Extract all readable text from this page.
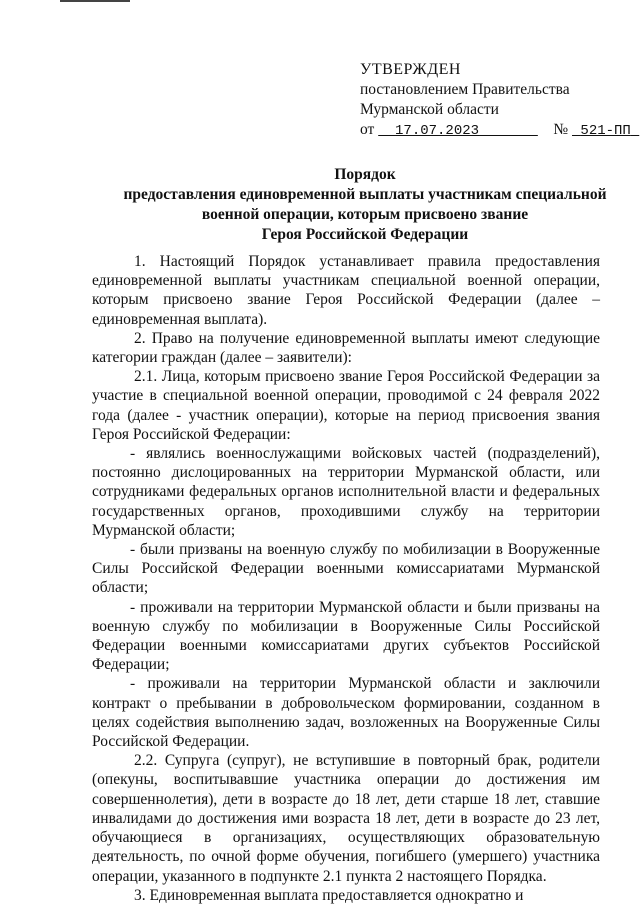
УТВЕРЖДЕН
постановлением Правительства
Мурманской области
от 17.07.2023	№ 521-ПП
Порядок
предоставления единовременной выплаты участникам специальной
военной операции, которым присвоено звание
Героя Российской Федерации

1. Настоящий Порядок устанавливает правила предоставления единовременной выплаты участникам специальной военной операции, которым присвоено звание Героя Российской Федерации (далее – единовременная выплата).

2. Право на получение единовременной выплаты имеют следующие категории граждан (далее – заявители):

2.1. Лица, которым присвоено звание Героя Российской Федерации за участие в специальной военной операции, проводимой с 24 февраля 2022 года (далее - участник операции), которые на период присвоения звания Героя Российской Федерации:

- являлись военнослужащими войсковых частей (подразделений), постоянно дислоцированных на территории Мурманской области, или сотрудниками федеральных органов исполнительной власти и федеральных государственных органов, проходившими службу на территории Мурманской области;

- были призваны на военную службу по мобилизации в Вооруженные Силы Российской Федерации военными комиссариатами Мурманской области;

- проживали на территории Мурманской области и были призваны на военную службу по мобилизации в Вооруженные Силы Российской Федерации военными комиссариатами других субъектов Российской Федерации;

- проживали на территории Мурманской области и заключили контракт о пребывании в добровольческом формировании, созданном в целях содействия выполнению задач, возложенных на Вооруженные Силы Российской Федерации.

2.2. Супруга (супруг), не вступившие в повторный брак, родители (опекуны, воспитывавшие участника операции до достижения им совершеннолетия), дети в возрасте до 18 лет, дети старше 18 лет, ставшие инвалидами до достижения ими возраста 18 лет, дети в возрасте до 23 лет, обучающиеся в организациях, осуществляющих образовательную деятельность, по очной форме обучения, погибшего (умершего) участника операции, указанного в подпункте 2.1 пункта 2 настоящего Порядка.

3. Единовременная выплата предоставляется однократно и
